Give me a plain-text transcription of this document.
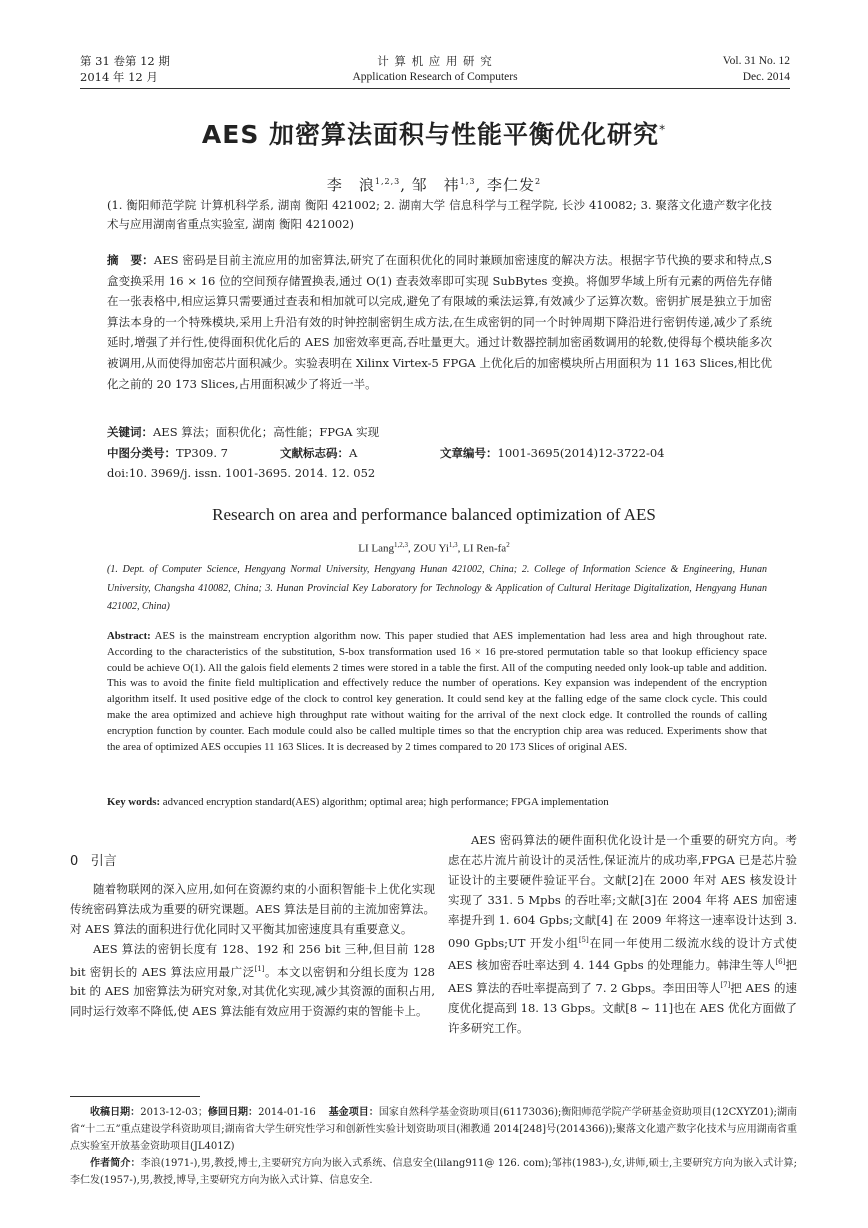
第 31 卷第 12 期
2014 年 12 月
计 算 机 应 用 研 究
Application Research of Computers
Vol. 31 No. 12
Dec. 2014
AES 加密算法面积与性能平衡优化研究*
李　浪$^{1,2,3}$, 邹　祎$^{1,3}$, 李仁发$^2$
(1. 衡阳师范学院 计算机科学系, 湖南 衡阳 421002; 2. 湖南大学 信息科学与工程学院, 长沙 410082; 3. 聚落文化遗产数字化技术与应用湖南省重点实验室, 湖南 衡阳 421002)
摘　要：AES 密码是目前主流应用的加密算法,研究了在面积优化的同时兼顾加密速度的解决方法。根据字节代换的要求和特点,S 盒变换采用 16 × 16 位的空间预存储置换表,通过 O(1) 查表效率即可实现 SubBytes 变换。将伽罗华域上所有元素的两倍先存储在一张表格中,相应运算只需要通过查表和相加就可以完成,避免了有限域的乘法运算,有效减少了运算次数。密钥扩展是独立于加密算法本身的一个特殊模块,采用上升沿有效的时钟控制密钥生成方法,在生成密钥的同一个时钟周期下降沿进行密钥传递,减少了系统延时,增强了并行性,使得面积优化后的 AES 加密效率更高,吞吐量更大。通过计数器控制加密函数调用的轮数,使得每个模块能多次被调用,从而使得加密芯片面积减少。实验表明在 Xilinx Virtex-5 FPGA 上优化后的加密模块所占用面积为 11 163 Slices,相比优化之前的 20 173 Slices,占用面积减少了将近一半。
关键词：AES 算法；面积优化；高性能；FPGA 实现
中图分类号：TP309. 7	文献标志码：A	文章编号：1001-3695(2014)12-3722-04
doi:10. 3969/j. issn. 1001-3695. 2014. 12. 052
Research on area and performance balanced optimization of AES
LI Lang$^{1,2,3}$, ZOU Yi$^{1,3}$, LI Ren-$fa^2$
(1. Dept. of Computer Science, Hengyang Normal University, Hengyang Hunan 421002, China; 2. College of Information Science & Engineering, Hunan University, Changsha 410082, China; 3. Hunan Provincial Key Laboratory for Technology & Application of Cultural Heritage Digitalization, Hengyang Hunan 421002, China)
Abstract: AES is the mainstream encryption algorithm now. This paper studied that AES implementation had less area and high throughout rate. According to the characteristics of the substitution, S-box transformation used 16 × 16 pre-stored permutation table so that lookup efficiency space could be achieve O(1). All the galois field elements 2 times were stored in a table the first. All of the computing needed only look-up table and addition. This was to avoid the finite field multiplication and effectively reduce the number of operations. Key expansion was independent of the encryption algorithm itself. It used positive edge of the clock to control key generation. It could send key at the falling edge of the same clock cycle. This could make the area optimized and achieve high throughput rate without waiting for the arrival of the next clock edge. It controlled the rounds of calling encryption function by counter. Each module could also be called multiple times so that the encryption chip area was reduced. Experiments show that the area of optimized AES occupies 11 163 Slices. It is decreased by 2 times compared to 20 173 Slices of original AES.
Key words: advanced encryption standard(AES) algorithm; optimal area; high performance; FPGA implementation
0 引言

随着物联网的深入应用,如何在资源约束的小面积智能卡上优化实现传统密码算法成为重要的研究课题。AES 算法是目前的主流加密算法。对 AES 算法的面积进行优化同时又平衡其加密速度具有重要意义。

AES 算法的密钥长度有 128、192 和 256 bit 三种,但目前 128 bit 密钥长的 AES 算法应用最广泛[1]。本文以密钥和分组长度为 128 bit 的 AES 加密算法为研究对象,对其优化实现,减少其资源的面积占用,同时运行效率不降低,使 AES 算法能有效应用于资源约束的智能卡上。

AES 密码算法的硬件面积优化设计是一个重要的研究方向。考虑在芯片流片前设计的灵活性,保证流片的成功率,FPGA 已是芯片验证设计的主要硬件验证平台。文献[2]在 2000 年对 AES 核发设计实现了 331. 5 Mpbs 的吞吐率;文献[3]在 2004 年将 AES 加密速率提升到 1. 604 Gpbs;文献[4] 在 2009 年将这一速率设计达到 3. 090 Gpbs;UT 开发小组[5]在同一年使用二级流水线的设计方式使 AES 核加密吞吐率达到 4. 144 Gpbs 的处理能力。韩津生等人[6]把 AES 算法的吞吐率提高到了 7. 2 Gbps。李田田等人[7]把 AES 的速度优化提高到 18. 13 Gbps。文献[8 ~ 11]也在 AES 优化方面做了许多研究工作。

收稿日期：2013-12-03；修回日期：2014-01-16 基金项目：国家自然科学基金资助项目(61173036);衡阳师范学院产学研基金资助项目(12CXYZ01);湖南省“十二五”重点建设学科资助项目;湖南省大学生研究性学习和创新性实验计划资助项目(湘教通 2014[248]号(2014366));聚落文化遗产数字化技术与应用湖南省重点实验室开放基金资助项目(JL401Z)
作者简介：李浪(1971-),男,教授,博士,主要研究方向为嵌入式系统、信息安全(lilang911@ 126. com);邹祎(1983-),女,讲师,硕士,主要研究方向为嵌入式计算;李仁发(1957-),男,教授,博导,主要研究方向为嵌入式计算、信息安全.
